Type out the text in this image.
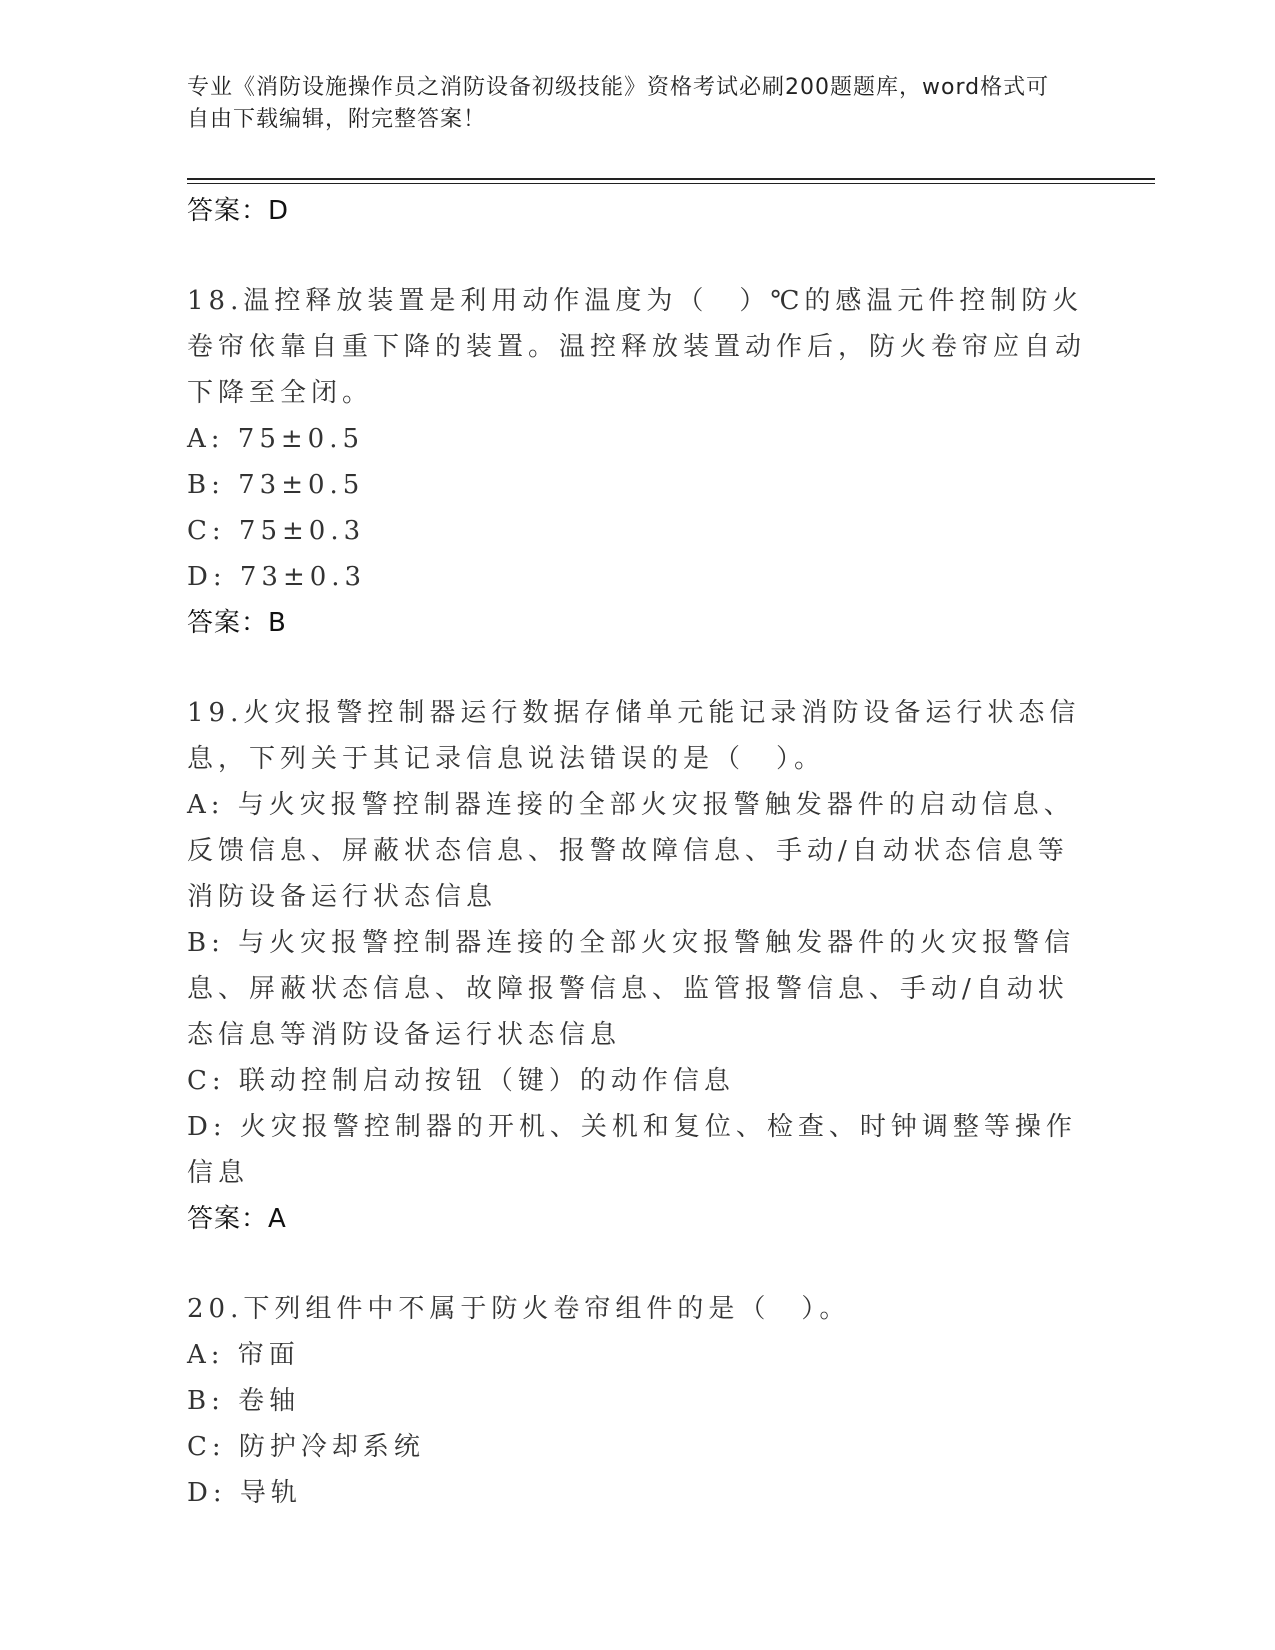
专业《消防设施操作员之消防设备初级技能》资格考试必刷200题题库，word格式可自由下载编辑，附完整答案！
答案：D
18.温控释放装置是利用动作温度为（　）℃的感温元件控制防火卷帘依靠自重下降的装置。温控释放装置动作后，防火卷帘应自动下降至全闭。
A: 75±0.5
B: 73±0.5
C: 75±0.3
D: 73±0.3
答案：B
19.火灾报警控制器运行数据存储单元能记录消防设备运行状态信息，下列关于其记录信息说法错误的是（　）。
A: 与火灾报警控制器连接的全部火灾报警触发器件的启动信息、反馈信息、屏蔽状态信息、报警故障信息、手动/自动状态信息等消防设备运行状态信息
B: 与火灾报警控制器连接的全部火灾报警触发器件的火灾报警信息、屏蔽状态信息、故障报警信息、监管报警信息、手动/自动状态信息等消防设备运行状态信息
C: 联动控制启动按钮（键）的动作信息
D: 火灾报警控制器的开机、关机和复位、检查、时钟调整等操作信息
答案：A
20.下列组件中不属于防火卷帘组件的是（　）。
A: 帘面
B: 卷轴
C: 防护冷却系统
D: 导轨
